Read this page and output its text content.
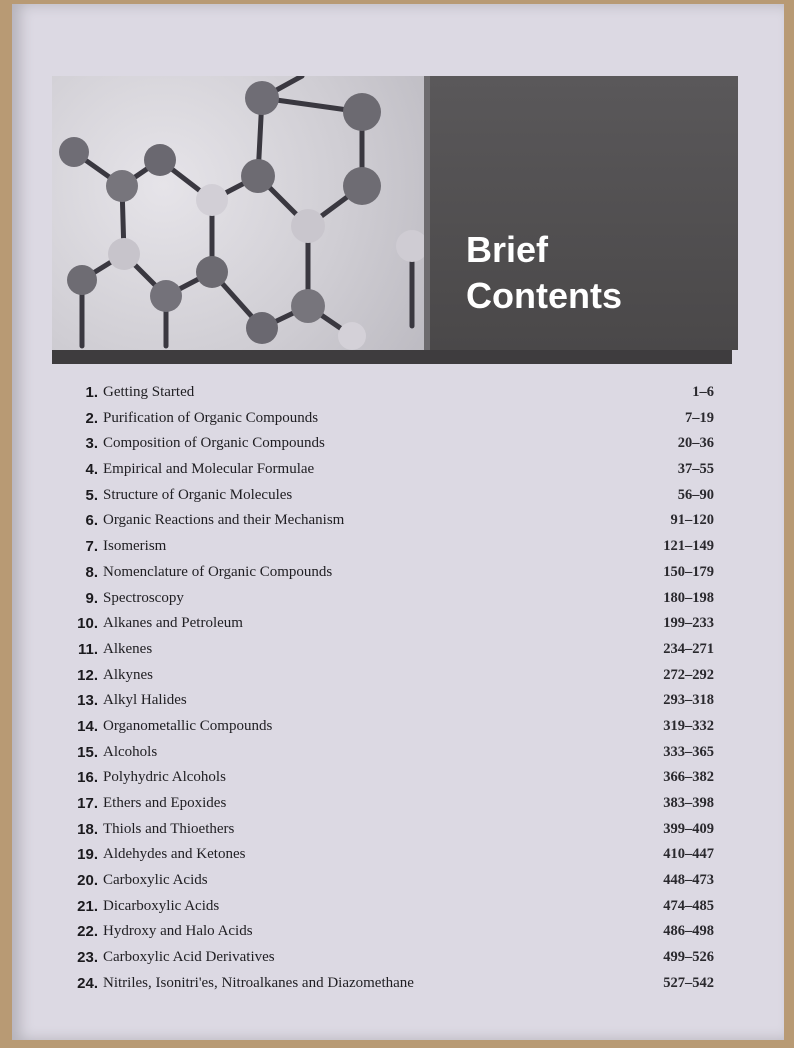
Brief
Contents
1. Getting Started	1–6
2. Purification of Organic Compounds	7–19
3. Composition of Organic Compounds	20–36
4. Empirical and Molecular Formulae	37–55
5. Structure of Organic Molecules	56–90
6. Organic Reactions and their Mechanism	91–120
7. Isomerism	121–149
8. Nomenclature of Organic Compounds	150–179
9. Spectroscopy	180–198
10. Alkanes and Petroleum	199–233
11. Alkenes	234–271
12. Alkynes	272–292
13. Alkyl Halides	293–318
14. Organometallic Compounds	319–332
15. Alcohols	333–365
16. Polyhydric Alcohols	366–382
17. Ethers and Epoxides	383–398
18. Thiols and Thioethers	399–409
19. Aldehydes and Ketones	410–447
20. Carboxylic Acids	448–473
21. Dicarboxylic Acids	474–485
22. Hydroxy and Halo Acids	486–498
23. Carboxylic Acid Derivatives	499–526
24. Nitriles, Isonitri'es, Nitroalkanes and Diazomethane	527–542
